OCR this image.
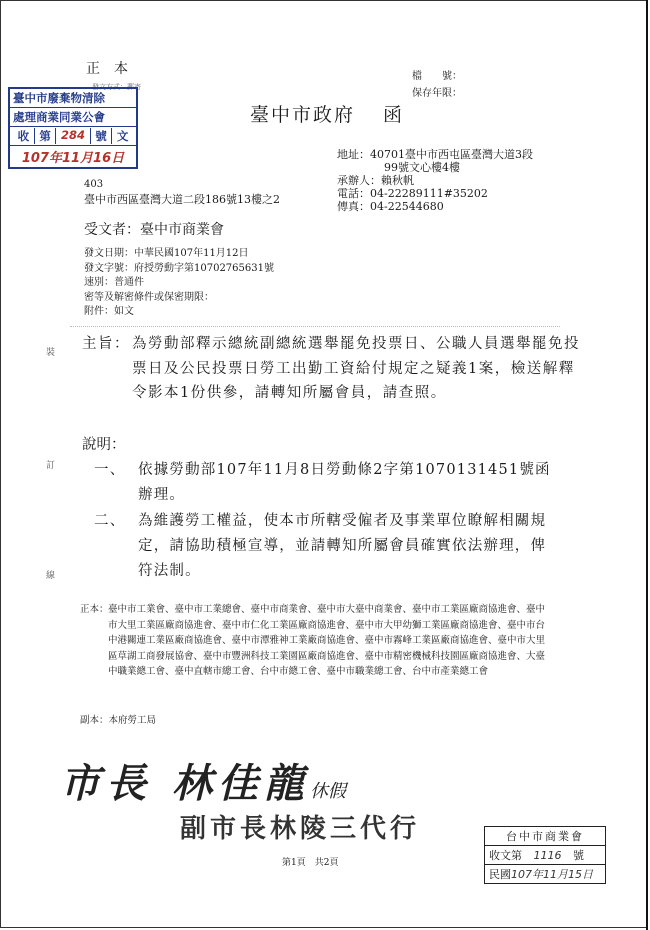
正本
發文方式：郵寄
檔　　號：
保存年限：
臺中市政府 函
臺中市廢棄物清除
處理商業同業公會
收 第 284 號 文
107年11月16日	地址：40701臺中市西屯區臺灣大道3段
99號文心樓4樓
承辦人：賴秋帆
電話：04-22289111#35202
傳真：04-22544680
403
臺中市西區臺灣大道二段186號13樓之2
受文者：臺中市商業會
發文日期：中華民國107年11月12日
發文字號：府授勞動字第10702765631號
速別：普通件
密等及解密條件或保密期限：
附件：如文
主旨： 為勞動部釋示總統副總統選舉罷免投票日、公職人員選舉罷免投票日及公民投票日勞工出勤工資給付規定之疑義1案，檢送解釋令影本1份供參，請轉知所屬會員，請查照。
說明：
一、 依據勞動部107年11月8日勞動條2字第1070131451號函辦理。
二、 為維護勞工權益，使本市所轄受僱者及事業單位瞭解相關規定，請協助積極宣導，並請轉知所屬會員確實依法辦理，俾符法制。
裝
訂
線
正本： 臺中市工業會、臺中市工業總會、臺中市商業會、臺中市大臺中商業會、臺中市工業區廠商協進會、臺中市大里工業區廠商協進會、臺中市仁化工業區廠商協進會、臺中市大甲幼獅工業區廠商協進會、臺中市台中港關連工業區廠商協進會、臺中市潭雅神工業廠商協進會、臺中市霧峰工業區廠商協進會、臺中市大里區草湖工商發展協會、臺中市豐洲科技工業園區廠商協進會、臺中市精密機械科技園區廠商協進會、大臺中職業總工會、臺中直轄市總工會、台中市總工會、臺中市職業總工會、台中市產業總工會
副本：本府勞工局
市長 林佳龍休假
副市長林陵三代行
第1頁　共2頁
台中市商業會
收文第 1116 號
民國107年11月15日
